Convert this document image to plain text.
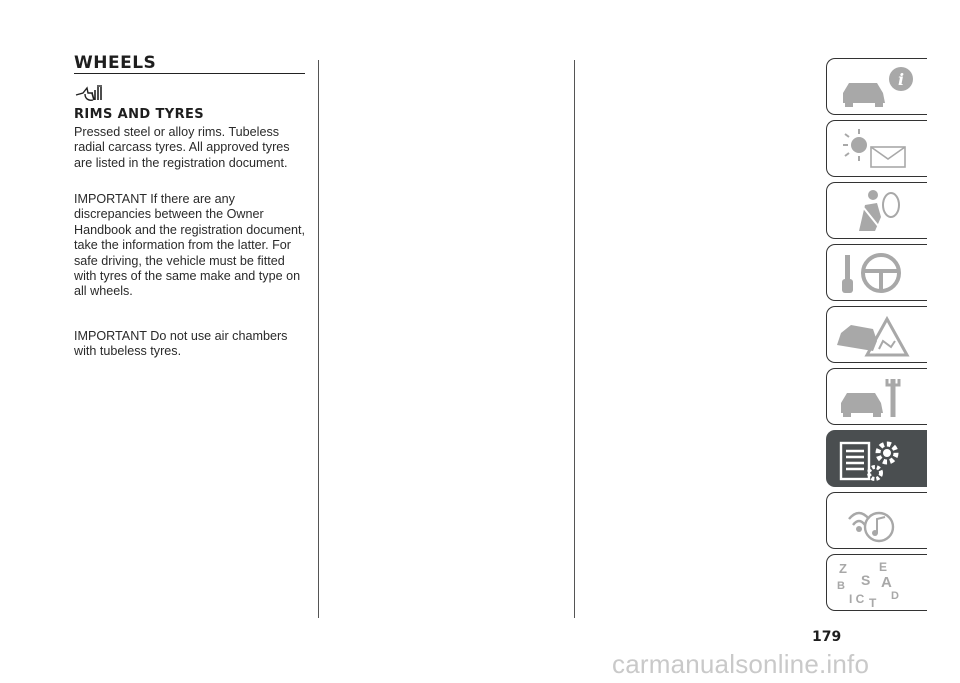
WHEELS
RIMS AND TYRES

Pressed steel or alloy rims. Tubeless radial carcass tyres. All approved tyres are listed in the registration document.

IMPORTANT If there are any discrepancies between the Owner Handbook and the registration document, take the information from the latter. For safe driving, the vehicle must be fitted with tyres of the same make and type on all wheels.

IMPORTANT Do not use air chambers with tubeless tyres.

i
Z	E
B S A
I C T D
179
carmanualsonline.info
